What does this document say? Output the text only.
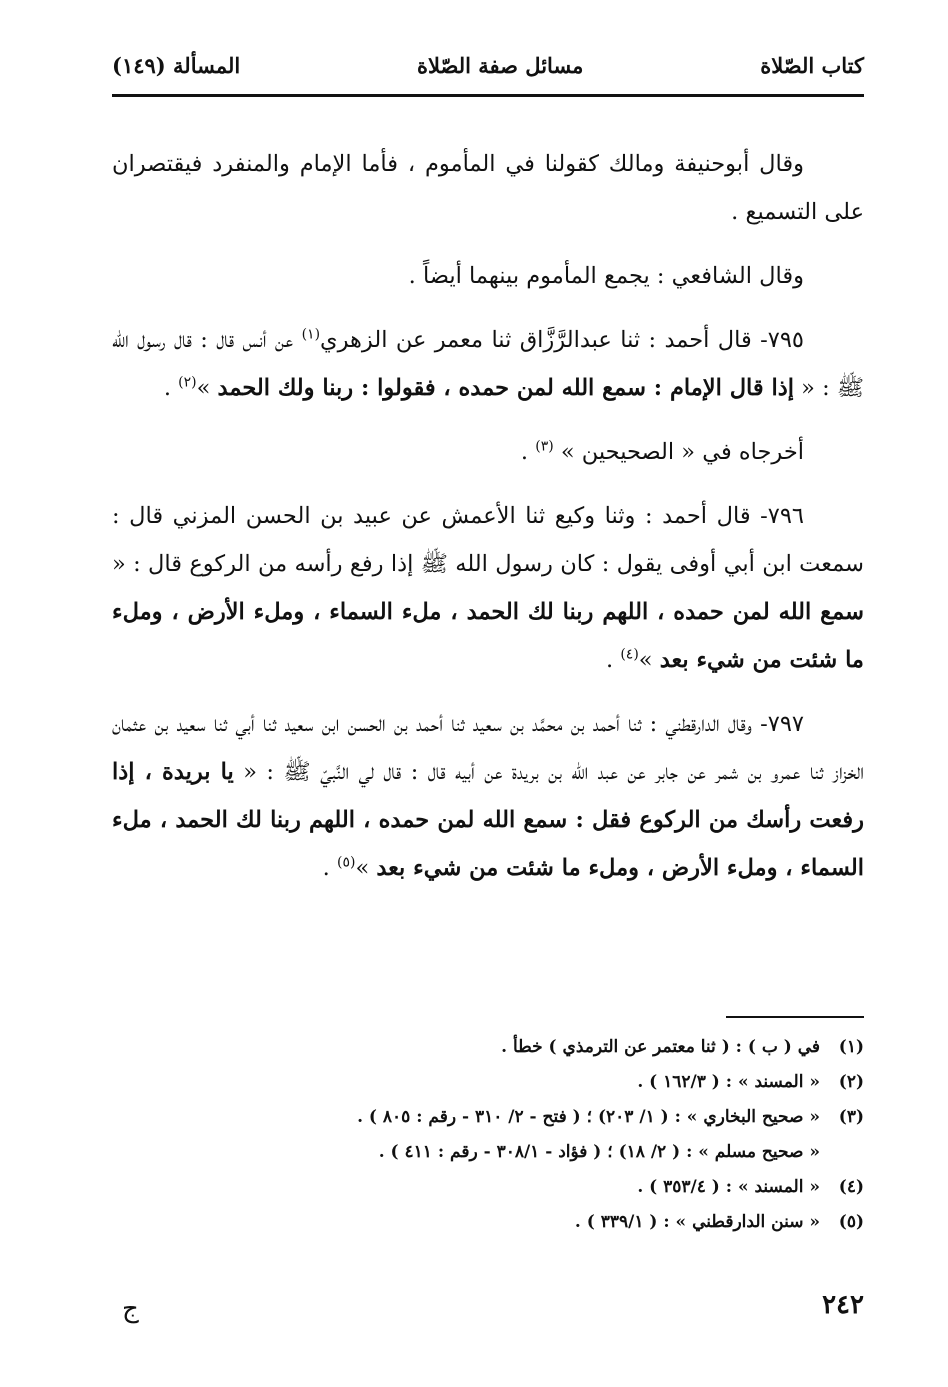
كتاب الصّلاة
مسائل صفة الصّلاة
المسألة (١٤٩)

وقال أبوحنيفة ومالك كقولنا في المأموم ، فأما الإمام والمنفرد فيقتصران على التسميع .

وقال الشافعي : يجمع المأموم بينهما أيضاً .

٧٩٥- قال أحمد : ثنا عبدالرَّزَّاق ثنا معمر عن الزهري$^{(١)}$ عن أنس قال : قال رسول الله ﷺ : « إذا قال الإمام : سمع الله لمن حمده ، فقولوا : ربنا ولك الحمد »$^{(٢)}$ .

أخرجاه في « الصحيحين » $^{(٣)}$ .

٧٩٦- قال أحمد : وثنا وكيع ثنا الأعمش عن عبيد بن الحسن المزني قال : سمعت ابن أبي أوفى يقول : كان رسول الله ﷺ إذا رفع رأسه من الركوع قال : « سمع الله لمن حمده ، اللهم ربنا لك الحمد ، ملء السماء ، وملء الأرض ، وملء ما شئت من شيء بعد »$^{(٤)}$ .

٧٩٧- وقال الدارقطني : ثنا أحمد بن محمَّد بن سعيد ثنا أحمد بن الحسن ابن سعيد ثنا أبي ثنا سعيد بن عثمان الخزاز ثنا عمرو بن شمر عن جابر عن عبد الله بن بريدة عن أبيه قال : قال لي النَّبيّ ﷺ : « يا بريدة ، إذا رفعت رأسك من الركوع فقل : سمع الله لمن حمده ، اللهم ربنا لك الحمد ، ملء السماء ، وملء الأرض ، وملء ما شئت من شيء بعد »$^{(٥)}$ .

(١)في ( ب ) : ( ثنا معتمر عن الترمذي ) خطأ .

(٢)« المسند » : ( ١٦٢/٣ ) .

(٣)« صحيح البخاري » : ( ١/ ٢٠٣) ؛ ( فتح - ٢/ ٣١٠ - رقم : ٨٠٥ ) .

« صحيح مسلم » : ( ٢/ ١٨) ؛ ( فؤاد - ٣٠٨/١ - رقم : ٤١١ ) .

(٤)« المسند » : ( ٣٥٣/٤ ) .

(٥)« سنن الدارقطني » : ( ٣٣٩/١ ) .

٢٤٢
ج
